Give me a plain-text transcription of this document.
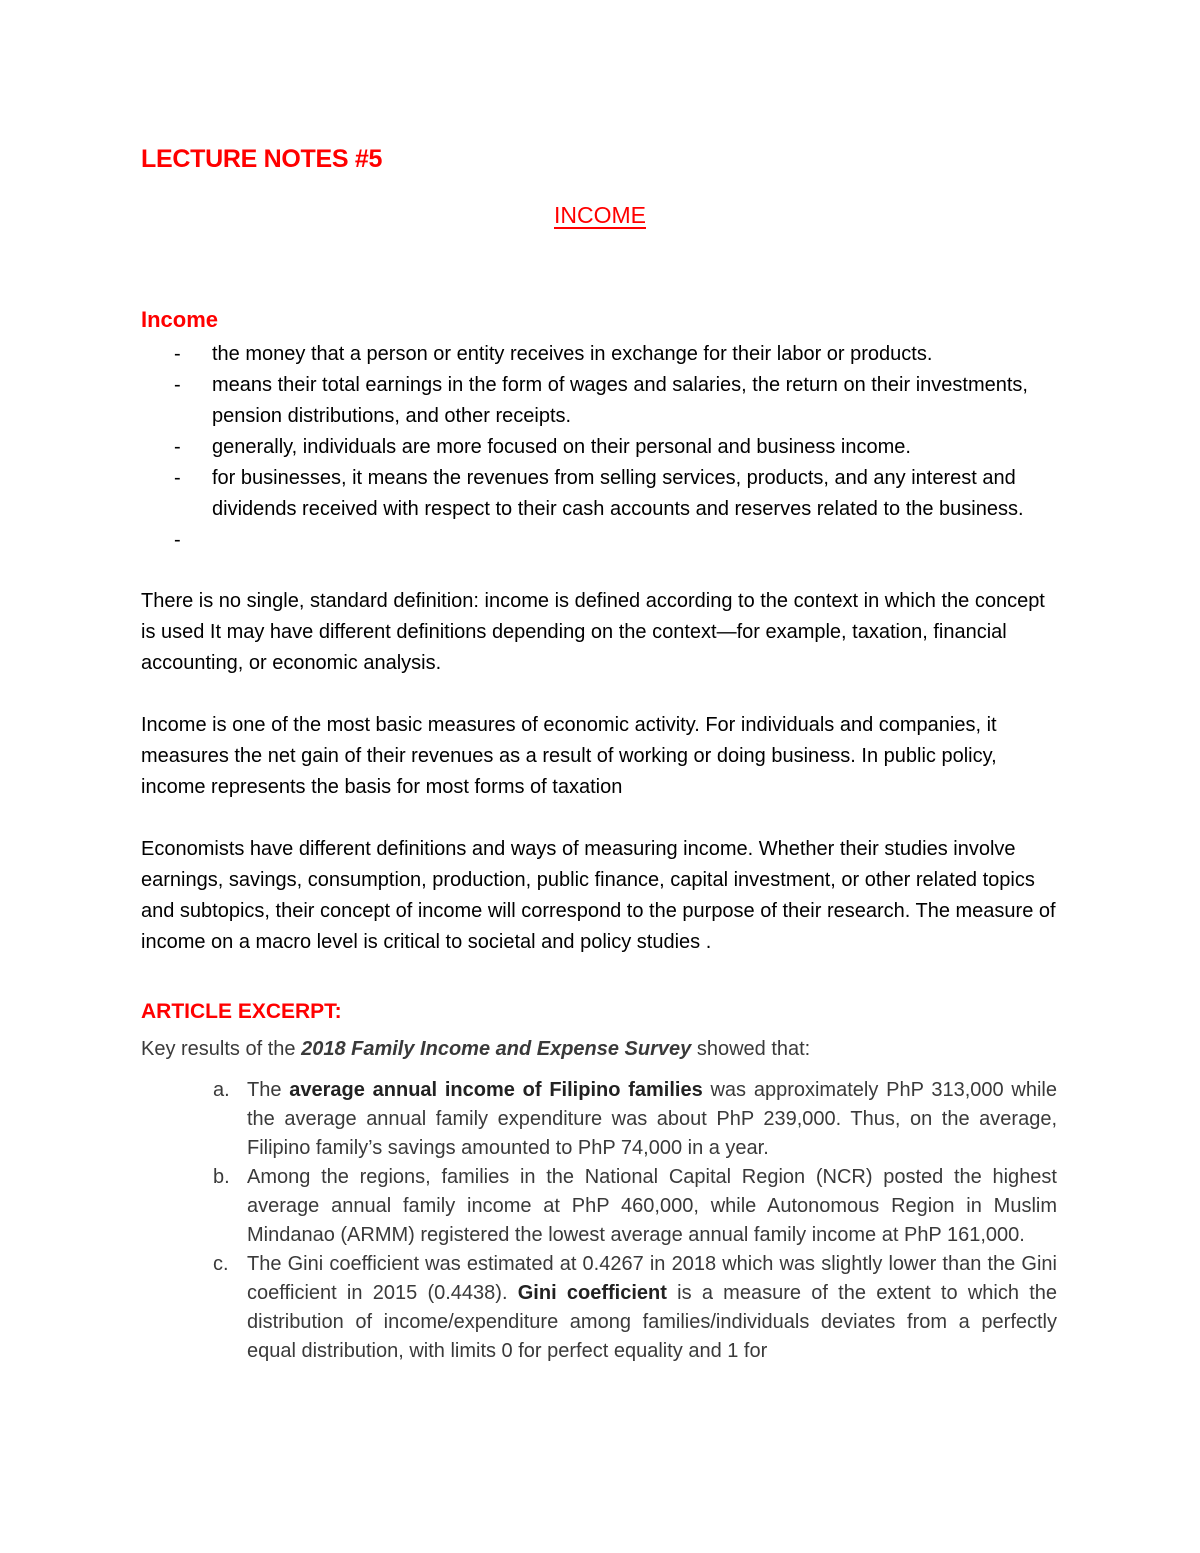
LECTURE NOTES #5
INCOME
Income
- the money that a person or entity receives in exchange for their labor or products.
- means their total earnings in the form of wages and salaries, the return on their investments, pension distributions, and other receipts.
- generally, individuals are more focused on their personal and business income.
- for businesses, it means the revenues from selling services, products, and any interest and dividends received with respect to their cash accounts and reserves related to the business.
-

There is no single, standard definition: income is defined according to the context in which the concept is used It may have different definitions depending on the context—for example, taxation, financial accounting, or economic analysis.

Income is one of the most basic measures of economic activity. For individuals and companies, it measures the net gain of their revenues as a result of working or doing business. In public policy, income represents the basis for most forms of taxation

Economists have different definitions and ways of measuring income. Whether their studies involve earnings, savings, consumption, production, public finance, capital investment, or other related topics and subtopics, their concept of income will correspond to the purpose of their research. The measure of income on a macro level is critical to societal and policy studies .

ARTICLE EXCERPT:
Key results of the 2018 Family Income and Expense Survey showed that:
a. The average annual income of Filipino families was approximately PhP 313,000 while the average annual family expenditure was about PhP 239,000. Thus, on the average, Filipino family’s savings amounted to PhP 74,000 in a year.
b. Among the regions, families in the National Capital Region (NCR) posted the highest average annual family income at PhP 460,000, while Autonomous Region in Muslim Mindanao (ARMM) registered the lowest average annual family income at PhP 161,000.
c. The Gini coefficient was estimated at 0.4267 in 2018 which was slightly lower than the Gini coefficient in 2015 (0.4438). Gini coefficient is a measure of the extent to which the distribution of income/expenditure among families/individuals deviates from a perfectly equal distribution, with limits 0 for perfect equality and 1 for
